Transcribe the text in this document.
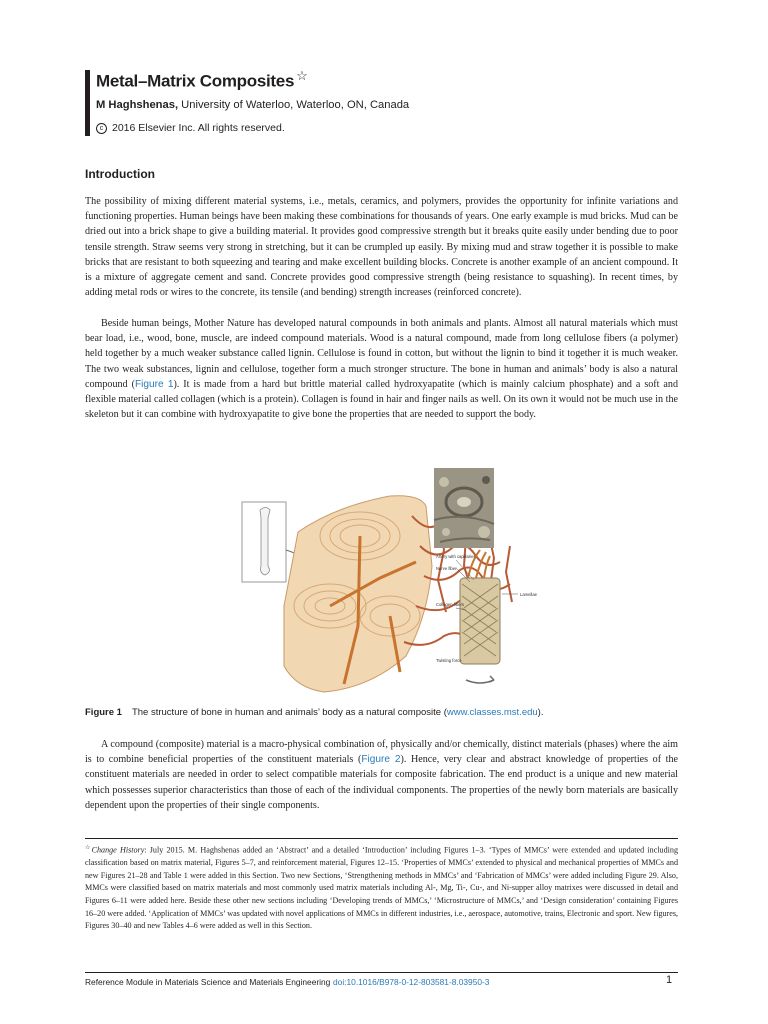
Metal–Matrix Composites ☆
M Haghshenas, University of Waterloo, Waterloo, ON, Canada
c 2016 Elsevier Inc. All rights reserved.
Introduction

The possibility of mixing different material systems, i.e., metals, ceramics, and polymers, provides the opportunity for infinite variations and functioning properties. Human beings have been making these combinations for thousands of years. One early example is mud bricks. Mud can be dried out into a brick shape to give a building material. It provides good compressive strength but it breaks quite easily under bending due to poor tensile strength. Straw seems very strong in stretching, but it can be crumpled up easily. By mixing mud and straw together it is possible to make bricks that are resistant to both squeezing and tearing and make excellent building blocks. Concrete is another example of an ancient compound. It is a mixture of aggregate cement and sand. Concrete provides good compressive strength (being resistance to squashing). In recent times, by adding metal rods or wires to the concrete, its tensile (and bending) strength increases (reinforced concrete).

Beside human beings, Mother Nature has developed natural compounds in both animals and plants. Almost all natural materials which must bear load, i.e., wood, bone, muscle, are indeed compound materials. Wood is a natural compound, made from long cellulose fibers (a polymer) held together by a much weaker substance called lignin. Cellulose is found in cotton, but without the lignin to bind it together it is much weaker. The two weak substances, lignin and cellulose, together form a much stronger structure. The bone in human and animals’ body is also a natural compound (Figure 1). It is made from a hard but brittle material called hydroxyapatite (which is mainly calcium phosphate) and a soft and flexible material called collagen (which is a protein). Collagen is found in hair and finger nails as well. On its own it would not be much use in the skeleton but it can combine with hydroxyapatite to give bone the properties that are needed to support the body.

Artery with capillaries
Nerve fiber
Lamellae
Collagen fibers
Twisting force
Figure 1 The structure of bone in human and animals’ body as a natural composite (www.classes.mst.edu).

A compound (composite) material is a macro-physical combination of, physically and/or chemically, distinct materials (phases) where the aim is to combine beneficial properties of the constituent materials (Figure 2). Hence, very clear and abstract knowledge of properties of the constituent materials are needed in order to select compatible materials for composite fabrication. The end product is a unique and new material which possesses superior characteristics than those of each of the individual components. The properties of the newly born materials are basically dependent upon the properties of their single components.

☆Change History: July 2015. M. Haghshenas added an ‘Abstract’ and a detailed ‘Introduction’ including Figures 1–3. ‘Types of MMCs’ were extended and updated including classification based on matrix material, Figures 5–7, and reinforcement material, Figures 12–15. ‘Properties of MMCs’ extended to physical and mechanical properties of MMCs and new Figures 21–28 and Table 1 were added in this Section. Two new Sections, ‘Strengthening methods in MMCs’ and ‘Fabrication of MMCs’ were added including Figure 29. Also, MMCs were classified based on matrix materials and most commonly used matrix materials including Al-, Mg, Ti-, Cu-, and Ni-supper alloy matrixes were discussed in detail and Figures 6–11 were added here. Beside these other new sections including ‘Developing trends of MMCs,’ ‘Microstructure of MMCs,’ and ‘Design consideration’ containing Figures 16–20 were added. ‘Application of MMCs’ was updated with novel applications of MMCs in different industries, i.e., aerospace, automotive, trains, Electronic and sport. New figures, Figures 30–40 and new Tables 4–6 were added as well in this Section.

Reference Module in Materials Science and Materials Engineering doi:10.1016/B978-0-12-803581-8.03950-3	1
